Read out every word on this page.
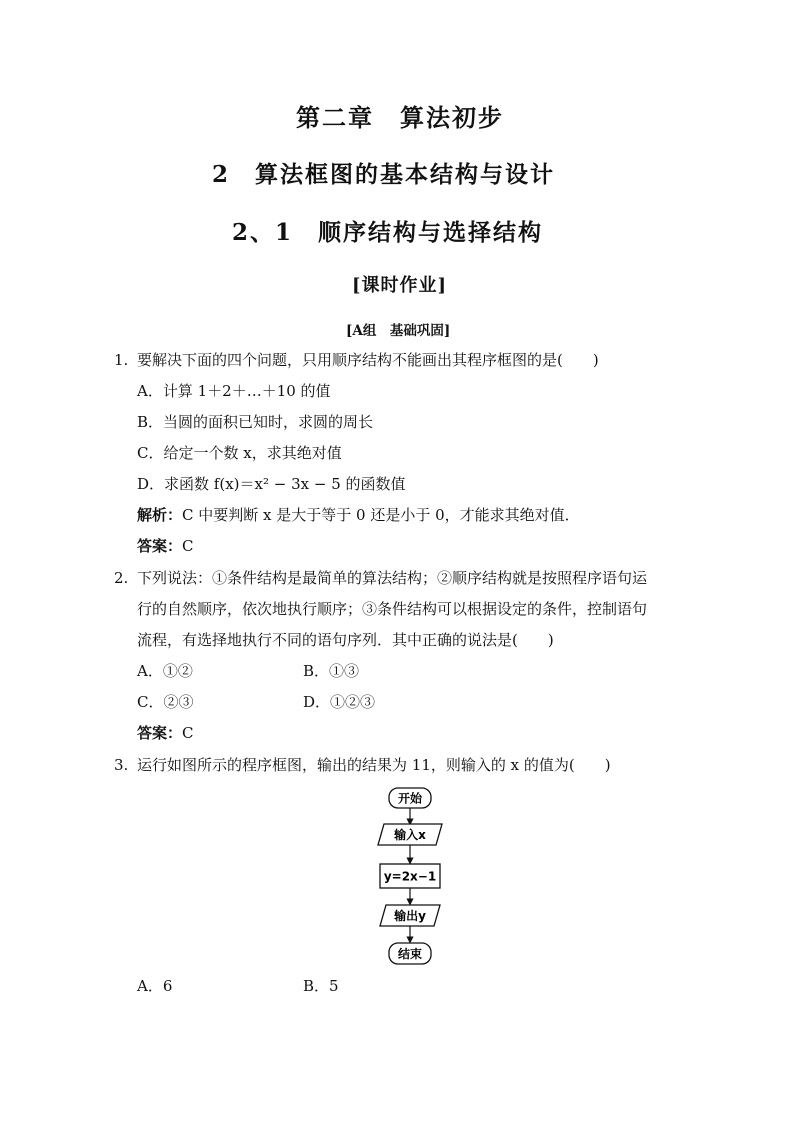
第二章　算法初步
2　算法框图的基本结构与设计
2、1　顺序结构与选择结构
[课时作业]
[A组　基础巩固]
1. 要解决下面的四个问题，只用顺序结构不能画出其程序框图的是(　　)
A．计算 1＋2＋…＋10 的值
B．当圆的面积已知时，求圆的周长
C．给定一个数 x，求其绝对值
D．求函数 f(x)＝x² − 3x − 5 的函数值
解析：C 中要判断 x 是大于等于 0 还是小于 0，才能求其绝对值．
答案：C
2. 下列说法：①条件结构是最简单的算法结构；②顺序结构就是按照程序语句运
行的自然顺序，依次地执行顺序；③条件结构可以根据设定的条件，控制语句
流程，有选择地执行不同的语句序列．其中正确的说法是(　　)
A．①②	B．①③
C．②③	D．①②③
答案：C
3. 运行如图所示的程序框图，输出的结果为 11，则输入的 x 的值为(　　)
开始
输入x
y=2x−1
输出y
结束
A．6	B．5
